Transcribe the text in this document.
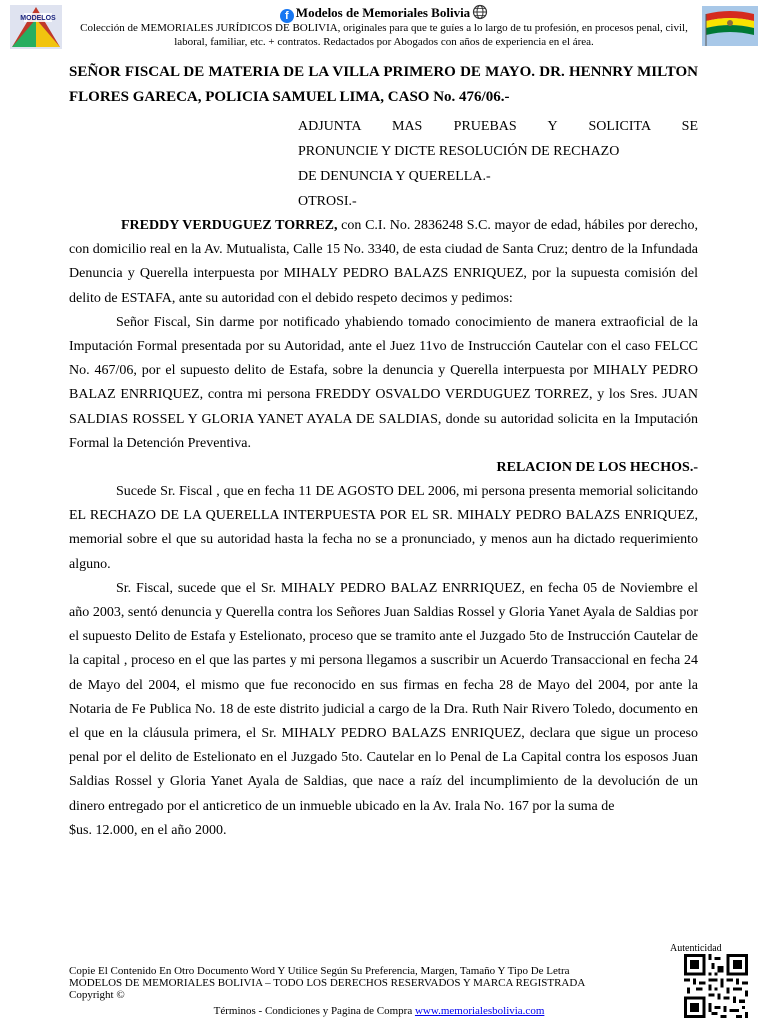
MODELOS	f Modelos de Memoriales Bolivia
Colección de MEMORIALES JURÍDICOS DE BOLIVIA, originales para que te guíes a lo largo de tu profesión, en procesos penal, civil, laboral, familiar, etc. + contratos. Redactados por Abogados con años de experiencia en el área.

SEÑOR FISCAL DE MATERIA DE LA VILLA PRIMERO DE MAYO. DR. HENNRY MILTON FLORES GARECA, POLICIA SAMUEL LIMA, CASO No. 476/06.-

ADJUNTA MAS PRUEBAS Y SOLICITA SE
PRONUNCIE Y DICTE RESOLUCIÓN DE RECHAZO
DE DENUNCIA Y QUERELLA.-
OTROSI.-

FREDDY VERDUGUEZ TORREZ, con C.I. No. 2836248 S.C. mayor de edad, hábiles por derecho, con domicilio real en la Av. Mutualista, Calle 15 No. 3340, de esta ciudad de Santa Cruz; dentro de la Infundada Denuncia y Querella interpuesta por MIHALY PEDRO BALAZS ENRIQUEZ, por la supuesta comisión del delito de ESTAFA, ante su autoridad con el debido respeto decimos y pedimos:

Señor Fiscal, Sin darme por notificado yhabiendo tomado conocimiento de manera extraoficial de la Imputación Formal presentada por su Autoridad, ante el Juez 11vo de Instrucción Cautelar con el caso FELCC No. 467/06, por el supuesto delito de Estafa, sobre la denuncia y Querella interpuesta por MIHALY PEDRO BALAZ ENRRIQUEZ, contra mi persona FREDDY OSVALDO VERDUGUEZ TORREZ, y los Sres. JUAN SALDIAS ROSSEL Y GLORIA YANET AYALA DE SALDIAS, donde su autoridad solicita en la Imputación Formal la Detención Preventiva.

RELACION DE LOS HECHOS.-

Sucede Sr. Fiscal , que en fecha 11 DE AGOSTO DEL 2006, mi persona presenta memorial solicitando EL RECHAZO DE LA QUERELLA INTERPUESTA POR EL SR. MIHALY PEDRO BALAZS ENRIQUEZ, memorial sobre el que su autoridad hasta la fecha no se a pronunciado, y menos aun ha dictado requerimiento alguno.

Sr. Fiscal, sucede que el Sr. MIHALY PEDRO BALAZ ENRRIQUEZ, en fecha 05 de Noviembre el año 2003, sentó denuncia y Querella contra los Señores Juan Saldias Rossel y Gloria Yanet Ayala de Saldias por el supuesto Delito de Estafa y Estelionato, proceso que se tramito ante el Juzgado 5to de Instrucción Cautelar de la capital , proceso en el que las partes y mi persona llegamos a suscribir un Acuerdo Transaccional en fecha 24 de Mayo del 2004, el mismo que fue reconocido en sus firmas en fecha 28 de Mayo del 2004, por ante la Notaria de Fe Publica No. 18 de este distrito judicial a cargo de la Dra. Ruth Nair Rivero Toledo, documento en el que en la cláusula primera, el Sr. MIHALY PEDRO BALAZS ENRIQUEZ, declara que sigue un proceso penal por el delito de Estelionato en el Juzgado 5to. Cautelar en lo Penal de La Capital contra los esposos Juan Saldias Rossel y Gloria Yanet Ayala de Saldias, que nace a raíz del incumplimiento de la devolución de un dinero entregado por el anticretico de un inmueble ubicado en la Av. Irala No. 167 por la suma de

$us. 12.000, en el año 2000.

Autenticidad
Copie El Contenido En Otro Documento Word Y Utilice Según Su Preferencia, Margen, Tamaño Y Tipo De Letra
MODELOS DE MEMORIALES BOLIVIA – TODO LOS DERECHOS RESERVADOS Y MARCA REGISTRADA
Copyright ©
Términos - Condiciones y Pagina de Compra www.memorialesbolivia.com
